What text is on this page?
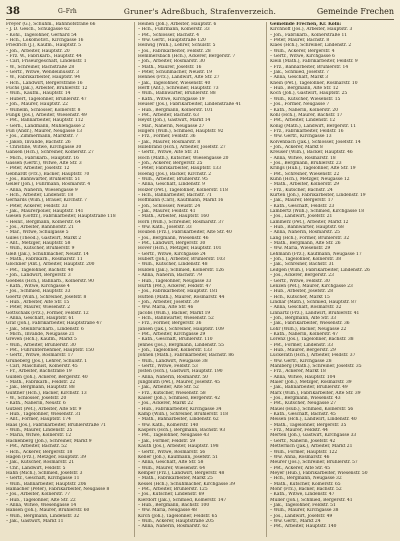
38	G–Frh	Gruner's Adreßbuch, Strafenverzeich.	Gemeinde Frechen
Freyer (G.), Schuhm., Bahnhofstraße 66
– J. D. Gesch., Schulgasse 62
– Kohl., Tagelöhner, Gerhard 54
– Hch., Lokomotivf., Kirchgasse 16
Friedrich (J.), Kaufm., Hauptstr. 5
– Joh., Arbeiter, Hauptstr. 20
– Frz. W., Fabrikarb., Hauptstr. 44
– Carl, Friseurgeschäft, Lindenstr. 1
– W., Schreiner, Bachstraße 28
– Gertr., Witwe, Wendelinusstr. 3
– W., Fabrikarbeiter, Hauptstr. 94
– Hch., Landwirt, Bergerstraße 16
Fuchs (Jak.), Arbeiter, Brühlerstr. 12
– Wilh., Kaufm., Hauptstr. 14
– Hubert, Tagelöhner, Brühlerstr. 47
– Joh., Maurer, Hauptstr. 22
– Wilhelm, Schlosser, Kölnerstr. 8
Fungk (Jos.), Arbeiter, Wiesenstr. 49
– Pet., Bahnarbeiter, Hauptstr. 112
– Gerh., Landmann, Mühlengasse 2
Fuß (Andr.), Maurer, Neugasse 13
– Jos., Zimmermann, Marktstr. 7
– Jakob, Invalide, Bachstr. 26
– Christine, Witwe, Kirchgasse 30
Gansen (Hch.), Schreiner, Kölnerstr. 27
– Mich., Fabrikarb., Hauptstr. 16
Gassen (Gertr.), Witwe, Alte Str. 3
– Peter, Arbeiter, Josefstr. 12
Gebhardt (Frz.), Bäcker, Hauptstr. 70
– Jos., Bahnwärter, Brühlerstr. 51
Geller (Joh.), Fuhrmann, Rosmarstr. 4
– Anna, Näherin, Wiesengasse 9
– Hch., Arbeiter, Lindenstr. 18
Gerhards (Wilh.), Brauer, Kirchstr. 7
– Peter, Ackerer, Feldstr. 33
– Jak., Maurerpolier, Hauptstr. 141
Giesen (Gottfr.), Fabrikarbeiter, Hauptstraße 118
– Heinr., Bergmann, Kölnerstr. 64
– Jos., Arbeiter, Bahnhofstr. 21
– Mar., Witwe, Schulgasse 5
Gilles (Theod.), Gastwirt, Markt 2
– Ant., Metzger, Hauptstr. 58
– Wilh., Kutscher, Brühlerstr. 9
Gleß (Jak.), Schuhmacher, Neustr. 14
– Math., Fabrikarb., Rosmarstr. 11
Glöckner (Ant.), Arbeiter, Hauptstr. 200
– Pet., Tagelöhner, Bachstr. 40
– Joh., Landwirt, Bergerstr. 3
Goebels (Hch.), Bahnarb., Kölnerstr. 90
– Kath., Witwe, Kirchgasse 4
– Jos., Schmied, Hauptstr. 33
Goertz (Wilh.), Schreiner, Josefstr. 8
– Hub., Arbeiter, Alte Str. 15
– Peter, Maurer, Wiesenstr. 2
Gottschalk (Frz.), Former, Feldstr. 12
– Anna, Geschäft, Hauptstr. 61
Graf (Joh.), Fabrikarbeiter, Hauptstraße 47
– Jak., Steinbrucharb., Lindenstr. 6
– Mich., Invalide, Neugasse 21
Greven (Hch.), Kaufm., Markt 5
– Wilh., Arbeiter, Brühlerstr. 30
– Pet., Fuhrunternehmer, Hauptstr. 150
– Gertr., Witwe, Rosmarstr. 17
Grüneberg (Jos.), Lehrer, Schulstr. 1
– Carl, Maschinist, Kölnerstr. 45
– Fr., Arbeiter, Bachstraße 19
Gülden (Joh.), Ackerer, Bergerstr. 40
– Math., Fabrikarb., Feldstr. 22
– Jak., Bergmann, Hauptstr. 88
Günther (Hch.), Bäcker, Kirchstr. 13
– W., Schlosser, Josefstr. 20
– Kath., Näherin, Neustr. 6
Gutzeit (Pet.), Arbeiter, Alte Str. 9
– Hub., Tagelöhner, Wiesenstr. 31
– Ant., Former, Hauptstr. 174
Haas (Jos.), Fabrikarbeiter, Brühlerstraße 71
– Wilh., Maurer, Lindenstr. 25
– Maria, Witwe, Kölnerstr. 12
Hackenberg (Joh.), Schreiner, Markt 9
– Pet., Arbeiter, Bachstr. 52
– Hch., Ackerer, Bergerstr. 18
Hagen (Frz.), Metzger, Hauptstr. 39
– Jak., Kutscher, Rosmarstr. 21
– Chr., Landwirt, Feldstr. 5
Hahn (Mich.), Schmied, Josefstr. 3
– Gertr., Geschäft, Kirchgasse 11
– Wilh., Bahnarbeiter, Hauptstr. 206
Hamacher (Peter), Fabrikarbeiter, Neugasse 8
– Jos., Arbeiter, Kölnerstr. 77
– Hub., Tagelöhner, Alte Str. 22
– Anna, Witwe, Wiesengasse 14
Hansen (Joh.), Maurer, Brühlerstr. 60
– Wilh., Bergmann, Lindenstr. 32
– Jak., Gastwirt, Markt 11
Heinen (Joh.), Arbeiter, Hauptstr. 6
– Hch., Fuhrmann, Kölnerstr. 33
– Pet., Schlosser, Bachstr. 4
– Ww. Gertr., Hauptstraße 120
Hellwig (Wilh.), Lehrer, Schulstr. 5
– Jos., Fabrikarbeiter, Feldstr. 28
Hemmersbach (Hch.), Ackerer, Bergerstr. 7
– Joh., Arbeiter, Rosmarstr. 30
– Math., Maurer, Josefstr. 16
– Peter, Schuhmacher, Neustr. 19
Hennes (Frz.), Landwirt, Alte Str. 27
– Jak., Tagelöhner, Wiesenstr. 40
Herff (Ant.), Schreiner, Hauptstr. 73
– Wilh., Bahnwärter, Brühlerstr. 88
– Kath., Witwe, Kirchgasse 19
Heuser (Jos.), Fabrikarbeiter, Lindenstraße 41
– Hub., Bergmann, Kölnerstr. 101
– Pet., Arbeiter, Bachstr. 63
Heydt (Joh.), Gastwirt, Markt 14
– Mar., Näherin, Neugasse 27
Hilgers (Wilh.), Schmied, Hauptstr. 92
– Frz., Former, Feldstr. 36
– Jak., Maurer, Rosmarstr. 8
Hillebrand (Hch.), Arbeiter, Josefstr. 27
– Gertr., Witwe, Alte Str. 31
Hoch (Math.), Kutscher, Wiesengasse 20
– Joh., Ackerer, Bergerstr. 25
– Peter, Fabrikarbeiter, Hauptstr. 133
Hoenig (Jos.), Bäcker, Kirchstr. 2
– Wilh., Arbeiter, Brühlerstr. 95
– Anna, Geschäft, Lindenstr. 9
Hölzer (Pet.), Tagelöhner, Kölnerstr. 118
– Hch., Bahnarbeiter, Bachstr. 71
Hoffmann (Carl), Kaufmann, Markt 16
– Joh., Schlosser, Neustr. 24
– Jak., Maurer, Feldstr. 41
– Math., Arbeiter, Hauptstr. 160
Horn (Wilh.), Schreiner, Rosmarstr. 37
– Ww. Kath., Josefstr. 33
Houben (Frz.), Fabrikarbeiter, Alte Str. 40
– Jos., Bergmann, Wiesenstr. 46
– Pet., Landwirt, Bergerstr. 30
Hover (Hch.), Metzger, Hauptstr. 101
– Gertr., Witwe, Kirchgasse 24
Hubert (Joh.), Arbeiter, Brühlerstr. 103
– Wilh., Kutscher, Lindenstr. 48
Hülden (Jak.), Schmied, Kölnerstr. 126
– Anna, Näherin, Bachstr. 79
– Hub., Tagelöhner, Neugasse 33
Hürth (Pet.), Ackerer, Feldstr. 47
– Jos., Fabrikarbeiter, Hauptstr. 181
Hütten (Math.), Maurer, Rosmarstr. 44
– Joh., Arbeiter, Josefstr. 39
– Ww. Maria, Alte Str. 46
Jacobs (Wilh.), Bäcker, Markt 19
– Hch., Bahnwärter, Wiesenstr. 52
– Frz., Former, Bergerstr. 36
Jansen (Jak.), Schreiner, Hauptstr. 109
– Pet., Arbeiter, Kirchgasse 29
– Kath., Geschäft, Brühlerstr. 110
Jennes (Jos.), Bergmann, Lindenstr. 55
– Joh., Tagelöhner, Kölnerstr. 133
Johnen (Math.), Fabrikarbeiter, Bachstr. 86
– Wilh., Landwirt, Neugasse 38
– Gertr., Witwe, Feldstr. 53
Josten (Hch.), Gastwirt, Hauptstr. 190
– Anna, Näherin, Rosmarstr. 50
Jungbluth (Pet.), Maurer, Josefstr. 45
– Jak., Arbeiter, Alte Str. 52
– Frz., Kutscher, Wiesenstr. 58
Kaiser (Joh.), Schmied, Bergerstr. 42
– Jos., Ackerer, Markt 22
– Hub., Fabrikarbeiter, Kirchgasse 34
Kamp (Wilh.), Schreiner, Brühlerstr. 118
– Math., Bahnarbeiter, Lindenstr. 62
– Ww. Kath., Kölnerstr. 140
Kaspers (Hch.), Bergmann, Bachstr. 93
– Pet., Tagelöhner, Neugasse 43
– Jak., Former, Feldstr. 59
Kauth (Jos.), Arbeiter, Hauptstr. 198
– Gertr., Witwe, Rosmarstr. 56
Keller (Joh.), Kaufmann, Josefstr. 51
– Anna, Geschäft, Alte Str. 58
– Wilh., Maurer, Wiesenstr. 64
Kemper (Frz.), Landwirt, Bergerstr. 48
– Math., Fabrikarbeiter, Markt 25
Kessel (Hch.), Schuhmacher, Kirchgasse 39
– Pet., Arbeiter, Brühlerstr. 125
– Jos., Kutscher, Lindenstr. 69
Kierdorf (Jak.), Schmied, Kölnerstr. 147
– Hub., Bergmann, Bachstr. 100
– Ww. Maria, Neugasse 48
Kirch (Joh.), Tagelöhner, Feldstr. 65
– Wilh., Ackerer, Hauptstraße 205
– Anna, Näherin, Rosmarstr. 62
Gemeinde Frechen, Kr. Köln:
Kirchhoff (Jos.), Arbeiter, Hauptstr. 3
– Joh., Fabrikarb., Kölnerstraße 11
– Peter, Maurer, Bachstr. 8
Klaes (Hch.), Schreiner, Lindenstr. 2
– Wilh., Ackerer, Bergerstr. 4
– Gertr., Witwe, Kirchgasse 6
Klein (Math.), Fabrikarbeiter, Feldstr. 9
– Frz., Bahnarbeiter, Brühlerstr. 14
– Jak., Schmied, Josefstr. 7
– Anna, Geschäft, Markt 3
Knein (Pet.), Tagelöhner, Rosmarstr. 10
– Hub., Bergmann, Alte Str. 12
Koch (Joh.), Gastwirt, Hauptstr. 25
– Wilh., Kutscher, Wiesenstr. 15
– Jos., Former, Neugasse 7
– Kath., Näherin, Kölnerstr. 20
Kohl (Hch.), Maurer, Bachstr. 17
– Pet., Arbeiter, Lindenstr. 12
König (Math.), Landwirt, Bergerstr. 11
– Frz., Fabrikarbeiter, Feldstr. 16
– Ww. Gertr., Kirchgasse 13
Kolvenbach (Jak.), Schlosser, Josefstr. 14
– Joh., Ackerer, Markt 8
Kreuser (Wilh.), Bäcker, Hauptstr. 46
– Anna, Witwe, Rosmarstr. 18
– Jos., Bergmann, Brühlerstr. 23
Krings (Hub.), Tagelöhner, Alte Str. 19
– Pet., Schreiner, Wiesenstr. 22
Kühn (Hch.), Metzger, Neugasse 12
– Math., Arbeiter, Kölnerstr. 29
– Frz., Kutscher, Bachstr. 24
Kürten (Joh.), Fabrikarbeiter, Lindenstr. 19
– Jak., Maurer, Bergerstr. 17
– Kath., Geschäft, Feldstr. 23
Lambertz (Wilh.), Schmied, Kirchgasse 18
– Jos., Landwirt, Josefstr. 21
Lammerz (Pet.), Arbeiter, Markt 12
– Hub., Bahnwärter, Hauptstr. 68
– Anna, Näherin, Rosmarstr. 25
Lang (Hch.), Former, Brühlerstr. 32
– Math., Bergmann, Alte Str. 26
– Ww. Maria, Wiesenstr. 29
Lehmann (Frz.), Kaufmann, Neugasse 17
– Joh., Tagelöhner, Kölnerstr. 38
– Jak., Schreiner, Bachstr. 31
Leifgen (Wilh.), Fabrikarbeiter, Lindenstr. 26
– Jos., Ackerer, Bergerstr. 23
– Gertr., Witwe, Feldstr. 30
Lenzen (Pet.), Maurer, Kirchgasse 23
– Hub., Arbeiter, Josefstr. 28
– Hch., Kutscher, Markt 15
Lindlar (Math.), Schmied, Hauptstr. 87
– Anna, Geschäft, Rosmarstr. 32
Linnartz (Frz.), Landwirt, Brühlerstr. 41
– Joh., Bergmann, Alte Str. 33
– Jak., Fabrikarbeiter, Wiesenstr. 36
Löhr (Wilh.), Bäcker, Neugasse 22
– Kath., Näherin, Kölnerstr. 47
Lorenz (Jos.), Tagelöhner, Bachstr. 38
– Pet., Former, Lindenstr. 33
– Hub., Maurer, Bergerstr. 29
Lückerath (Hch.), Arbeiter, Feldstr. 37
– Ww. Gertr., Kirchgasse 28
Mahlberg (Math.), Schreiner, Josefstr. 35
– Frz., Ackerer, Markt 18
– Anna, Witwe, Hauptstr. 104
Maier (Joh.), Metzger, Rosmarstr. 39
– Jak., Bahnarbeiter, Brühlerstr. 49
Marx (Wilh.), Fabrikarbeiter, Alte Str. 39
– Jos., Bergmann, Wiesenstr. 43
– Pet., Kutscher, Neugasse 27
Mauel (Hub.), Schmied, Kölnerstr. 56
– Kath., Geschäft, Bachstr. 45
Meisen (Hch.), Landwirt, Lindenstr. 40
– Math., Tagelöhner, Bergerstr. 35
– Frz., Maurer, Feldstr. 44
Merten (Joh.), Gastwirt, Kirchgasse 33
– Gertr., Näherin, Josefstr. 42
Metternich (Jak.), Arbeiter, Markt 21
– Wilh., Former, Hauptstr. 122
– Ww. Anna, Rosmarstr. 46
Meurer (Jos.), Schreiner, Brühlerstr. 57
– Pet., Ackerer, Alte Str. 45
Meyer (Hub.), Fabrikarbeiter, Wiesenstr. 50
– Hch., Bergmann, Neugasse 32
– Math., Kutscher, Kölnerstr. 65
Mohr (Frz.), Bäcker, Bachstr. 52
– Kath., Witwe, Lindenstr. 47
Müller (Joh.), Schmied, Bergerstr. 41
– Jak., Tagelöhner, Feldstr. 51
– Wilh., Maurer, Kirchgasse 38
– Jos., Landwirt, Josefstr. 49
– Ww. Gertr., Markt 24
– Pet., Arbeiter, Hauptstr. 140
